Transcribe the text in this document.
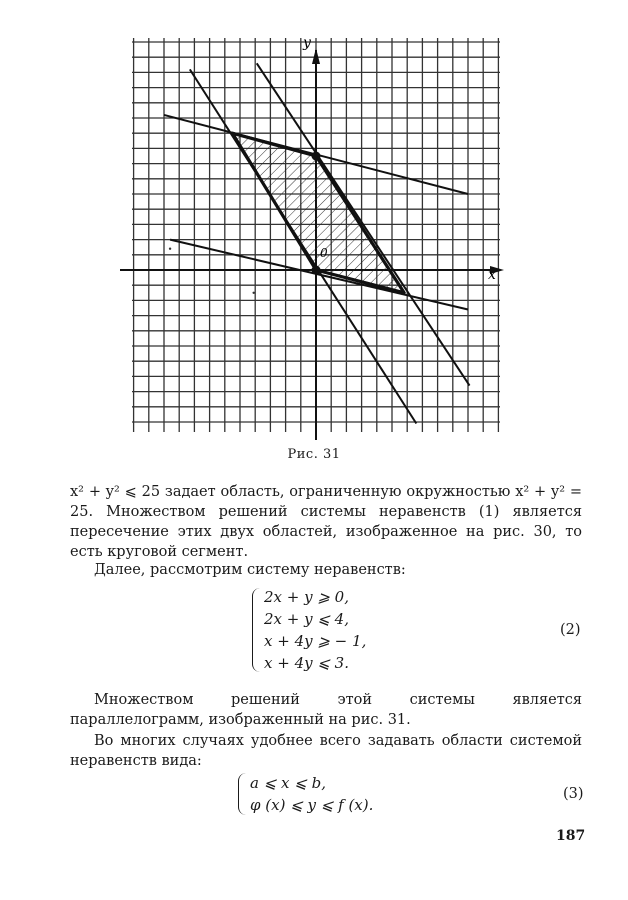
y
x
0
Рис. 31

x² + y² ⩽ 25 задает область, ограниченную окружностью x² + y² = 25. Множеством решений системы неравенств (1) является пересечение этих двух областей, изображенное на рис. 30, то есть круговой сегмент.

Далее, рассмотрим систему неравенств:

2x + y ⩾ 0,
2x + y ⩽ 4,
x + 4y ⩾ − 1,
x + 4y ⩽ 3.
(2)

Множеством решений этой системы является параллелограмм, изображенный на рис. 31.

Во многих случаях удобнее всего задавать области системой неравенств вида:

a ⩽ x ⩽ b,
φ (x) ⩽ y ⩽ f (x).
(3)
187
